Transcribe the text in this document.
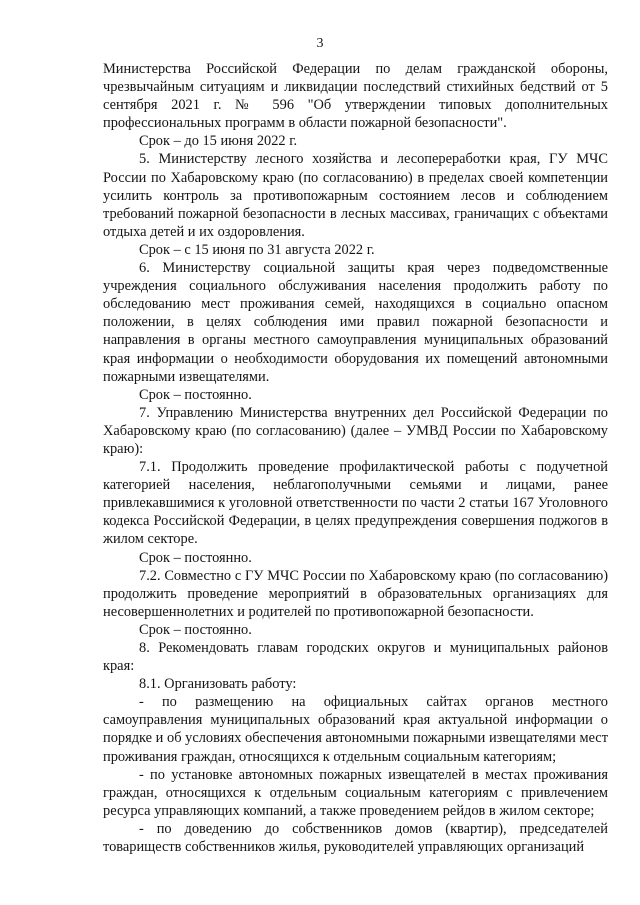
3

Министерства Российской Федерации по делам гражданской обороны, чрезвычайным ситуациям и ликвидации последствий стихийных бедствий от 5 сентября 2021 г. № 596 "Об утверждении типовых дополнительных профессиональных программ в области пожарной безопасности".

Срок – до 15 июня 2022 г.

5. Министерству лесного хозяйства и лесопереработки края, ГУ МЧС России по Хабаровскому краю (по согласованию) в пределах своей компетенции усилить контроль за противопожарным состоянием лесов и соблюдением требований пожарной безопасности в лесных массивах, граничащих с объектами отдыха детей и их оздоровления.

Срок – с 15 июня по 31 августа 2022 г.

6. Министерству социальной защиты края через подведомственные учреждения социального обслуживания населения продолжить работу по обследованию мест проживания семей, находящихся в социально опасном положении, в целях соблюдения ими правил пожарной безопасности и направления в органы местного самоуправления муниципальных образований края информации о необходимости оборудования их помещений автономными пожарными извещателями.

Срок – постоянно.

7. Управлению Министерства внутренних дел Российской Федерации по Хабаровскому краю (по согласованию) (далее – УМВД России по Хабаровскому краю):

7.1. Продолжить проведение профилактической работы с подучетной категорией населения, неблагополучными семьями и лицами, ранее привлекавшимися к уголовной ответственности по части 2 статьи 167 Уголовного кодекса Российской Федерации, в целях предупреждения совершения поджогов в жилом секторе.

Срок – постоянно.

7.2. Совместно с ГУ МЧС России по Хабаровскому краю (по согласованию) продолжить проведение мероприятий в образовательных организациях для несовершеннолетних и родителей по противопожарной безопасности.

Срок – постоянно.

8. Рекомендовать главам городских округов и муниципальных районов края:

8.1. Организовать работу:

- по размещению на официальных сайтах органов местного самоуправления муниципальных образований края актуальной информации о порядке и об условиях обеспечения автономными пожарными извещателями мест проживания граждан, относящихся к отдельным социальным категориям;

- по установке автономных пожарных извещателей в местах проживания граждан, относящихся к отдельным социальным категориям с привлечением ресурса управляющих компаний, а также проведением рейдов в жилом секторе;

- по доведению до собственников домов (квартир), председателей товариществ собственников жилья, руководителей управляющих организаций
